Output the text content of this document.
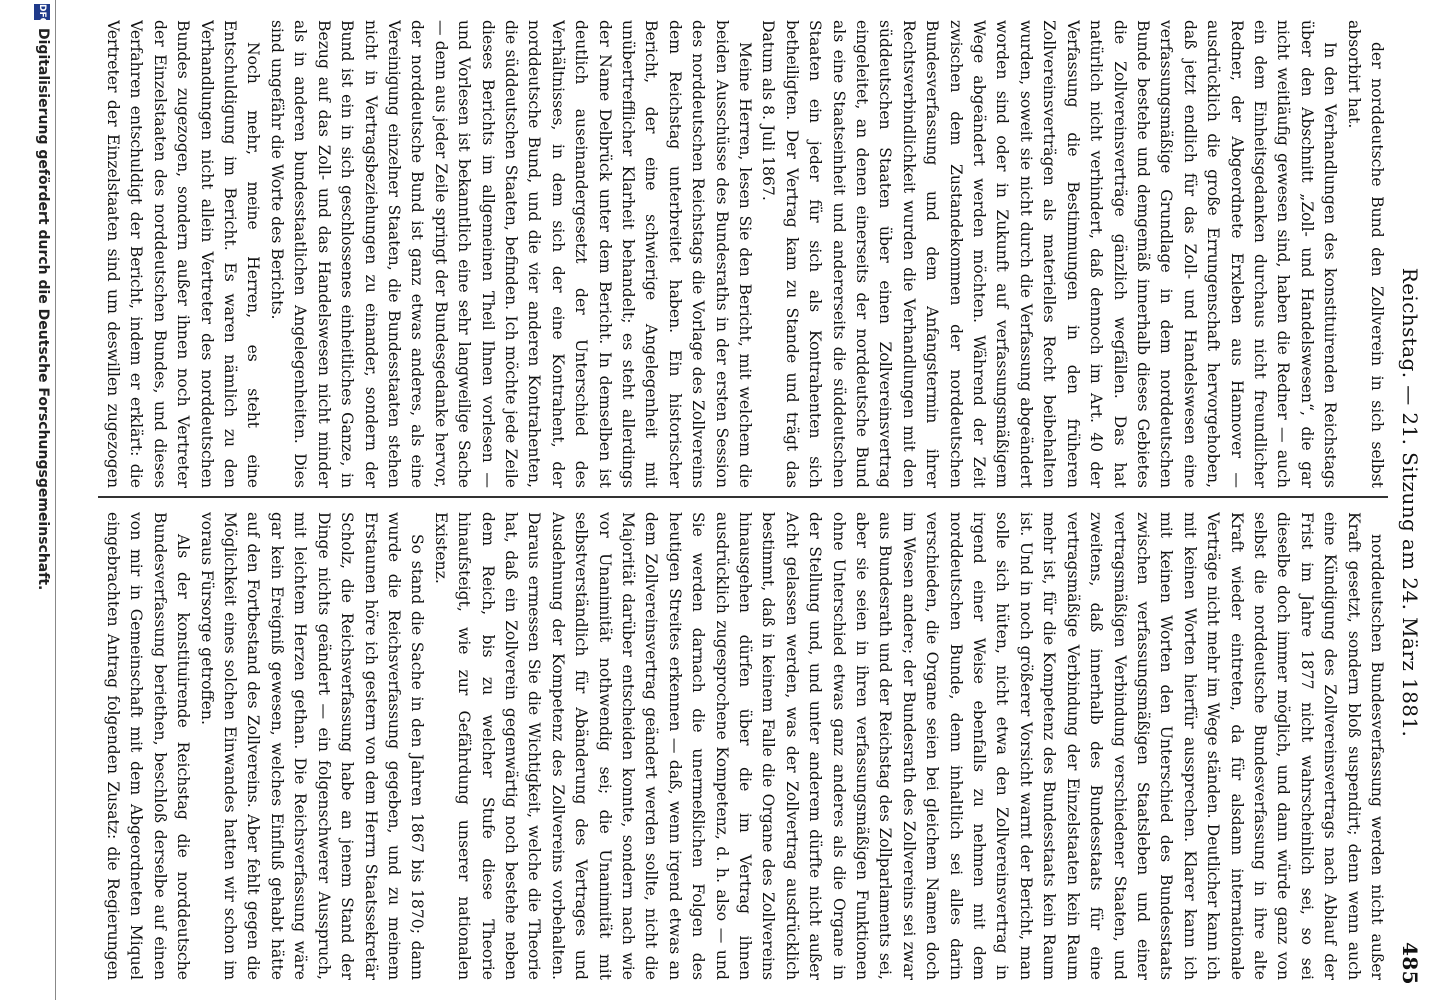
Reichstag. — 21. Sitzung am 24. März 1881.
485

der norddeutsche Bund den Zollverein in sich selbst absorbirt hat.

In den Verhandlungen des konstituirenden Reichstags über den Abschnitt „Zoll- und Handelswesen“, die gar nicht weitläufig gewesen sind, haben die Redner — auch ein dem Einheitsgedanken durchaus nicht freundlicher Redner, der Abgeordnete Erxleben aus Hannover — ausdrücklich die große Errungenschaft hervorgehoben, daß jetzt endlich für das Zoll- und Handelswesen eine verfassungsmäßige Grundlage in dem norddeutschen Bunde bestehe und demgemäß innerhalb dieses Gebietes die Zollvereinsverträge gänzlich wegfällen. Das hat natürlich nicht verhindert, daß dennoch im Art. 40 der Verfassung die Bestimmungen in den früheren Zollvereinsverträgen als materielles Recht beibehalten wurden, soweit sie nicht durch die Verfassung abgeändert worden sind oder in Zukunft auf verfassungsmäßigem Wege abgeändert werden möchten. Während der Zeit zwischen dem Zustandekommen der norddeutschen Bundesverfassung und dem Anfangstermin ihrer Rechtsverbindlichkeit wurden die Verhandlungen mit den süddeutschen Staaten über einen Zollvereinsvertrag eingeleitet, an denen einerseits der norddeutsche Bund als eine Staatseinheit und andererseits die süddeutschen Staaten ein jeder für sich als Kontrahenten sich betheiligten. Der Vertrag kam zu Stande und trägt das Datum als 8. Juli 1867.

Meine Herren, lesen Sie den Bericht, mit welchem die beiden Ausschüsse des Bundesraths in der ersten Session des norddeutschen Reichstags die Vorlage des Zollvereins dem Reichstag unterbreitet haben. Ein historischer Bericht, der eine schwierige Angelegenheit mit unübertrefflicher Klarheit behandelt; es steht allerdings der Name Delbrück unter dem Bericht. In demselben ist deutlich auseinandergesetzt der Unterschied des Verhältnisses, in dem sich der eine Kontrahent, der norddeutsche Bund, und die vier anderen Kontrahenten, die süddeutschen Staaten, befinden. Ich möchte jede Zeile dieses Berichts im allgemeinen Theil Ihnen vorlesen — und Vorlesen ist bekanntlich eine sehr langweilige Sache — denn aus jeder Zeile springt der Bundesgedanke hervor, der norddeutsche Bund ist ganz etwas anderes, als eine Vereinigung einzelner Staaten, die Bundesstaaten stehen nicht in Vertragsbeziehungen zu einander, sondern der Bund ist ein in sich geschlossenes einheitliches Ganze, in Bezug auf das Zoll- und das Handelswesen nicht minder als in anderen bundesstaatlichen Angelegenheiten. Dies sind ungefähr die Worte des Berichts.

Noch mehr, meine Herren, es steht eine Entschuldigung im Bericht. Es waren nämlich zu den Verhandlungen nicht allein Vertreter des norddeutschen Bundes zugezogen, sondern außer ihnen noch Vertreter der Einzelstaaten des norddeutschen Bundes, und dieses Verfahren entschuldigt der Bericht, indem er erklärt: die Vertreter der Einzelstaaten sind um deswillen zugezogen

norddeutschen Bundesverfassung werden nicht außer Kraft gesetzt, sondern bloß suspendirt; denn wenn auch eine Kündigung des Zollvereinsvertrags nach Ablauf der Frist im Jahre 1877 nicht wahrscheinlich sei, so sei dieselbe doch immer möglich, und dann würde ganz von selbst die norddeutsche Bundesverfassung in ihre alte Kraft wieder eintreten, da für alsdann internationale Verträge nicht mehr im Wege ständen. Deutlicher kann ich mit keinen Worten hierfür aussprechen. Klarer kann ich mit keinen Worten den Unterschied des Bundesstaats zwischen verfassungsmäßigen Staatsleben und einer vertragsmäßigen Verbindung verschiedener Staaten, und zweitens, daß innerhalb des Bundesstaats für eine vertragsmäßige Verbindung der Einzelstaaten kein Raum mehr ist, für die Kompetenz des Bundesstaats kein Raum ist. Und in noch größerer Vorsicht warnt der Bericht, man solle sich hüten, nicht etwa den Zollvereinsvertrag in irgend einer Weise ebenfalls zu nehmen mit dem norddeutschen Bunde, denn inhaltlich sei alles darin verschieden, die Organe seien bei gleichem Namen doch im Wesen andere; der Bundesrath des Zollvereins sei zwar aus Bundesrath und der Reichstag des Zollparlaments sei, aber sie seien in ihren verfassungsmäßigen Funktionen ohne Unterschied etwas ganz anderes als die Organe in der Stellung und, und unter anderem dürfte nicht außer Acht gelassen werden, was der Zollvertrag ausdrücklich bestimmt, daß in keinem Falle die Organe des Zollvereins hinausgehen dürfen über die im Vertrag ihnen ausdrücklich zugesprochene Kompetenz, d. h. also — und Sie werden darnach die unermeßlichen Folgen des heutigen Streites erkennen — daß, wenn irgend etwas an dem Zollvereinsvertrag geändert werden sollte, nicht die Majorität darüber entscheiden konnte, sondern nach wie vor Unanimität nothwendig sei; die Unanimität mit selbstverständlich für Abänderung des Vertrages und Ausdehnung der Kompetenz des Zollvereins vorbehalten. Daraus ermessen Sie die Wichtigkeit, welche die Theorie hat, daß ein Zollverein gegenwärtig noch bestehe neben dem Reich, bis zu welcher Stufe diese Theorie hinaufsteigt, wie zur Gefährdung unserer nationalen Existenz.

So stand die Sache in den Jahren 1867 bis 1870; dann wurde die Reichsverfassung gegeben, und zu meinem Erstaunen höre ich gestern von dem Herrn Staatssekretär Scholz, die Reichsverfassung habe an jenem Stand der Dinge nichts geändert — ein folgenschwerer Ausspruch, mit leichtem Herzen gethan. Die Reichsverfassung wäre gar kein Ereigniß gewesen, welches Einfluß gehabt hätte auf den Fortbestand des Zollvereins. Aber fehlt gegen die Möglichkeit eines solchen Einwandes hatten wir schon im voraus Fürsorge getroffen.

Als der konstituirende Reichstag die norddeutsche Bundesverfassung beriethen, beschloß derselbe auf einen von mir in Gemeinschaft mit dem Abgeordneten Miquel eingebrachten Antrag folgenden Zusatz: die Regierungen

DFG
Digitalisierung gefördert durch die Deutsche Forschungsgemeinschaft.
